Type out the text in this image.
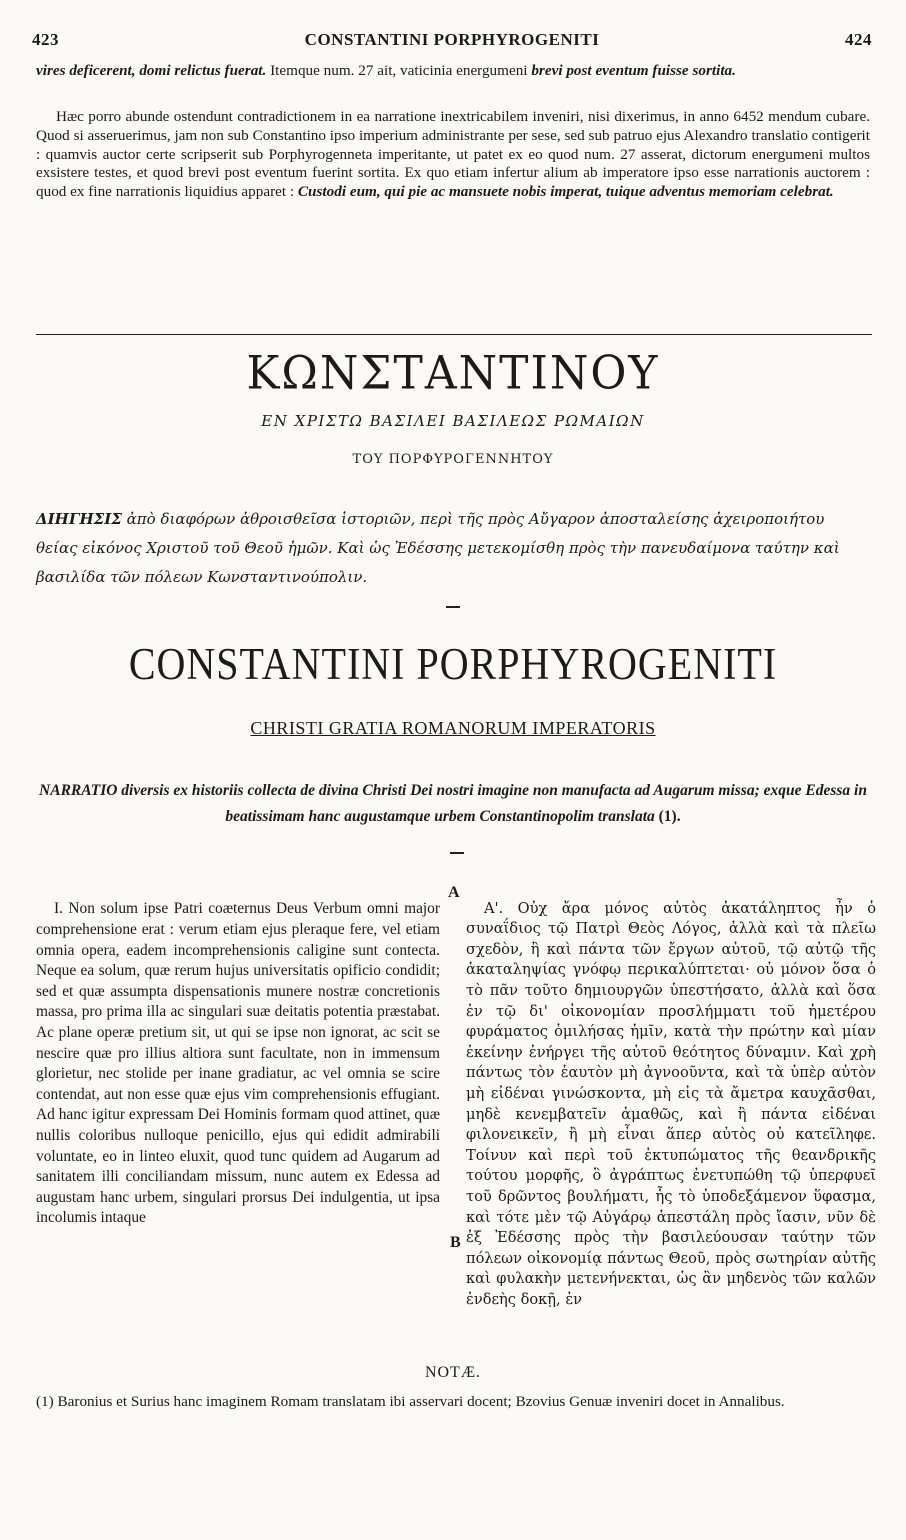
423	CONSTANTINI PORPHYROGENITI	424

vires deficerent, domi relictus fuerat. Itemque num. 27 ait, vaticinia energumeni brevi post eventum fuisse sortita.

Hæc porro abunde ostendunt contradictionem in ea narratione inextricabilem inveniri, nisi dixerimus, in anno 6452 mendum cubare. Quod si asseruerimus, jam non sub Constantino ipso imperium administrante per sese, sed sub patruo ejus Alexandro translatio contigerit : quamvis auctor certe scripserit sub Porphyrogenneta imperitante, ut patet ex eo quod num. 27 asserat, dictorum energumeni multos exsistere testes, et quod brevi post eventum fuerint sortita. Ex quo etiam infertur alium ab imperatore ipso esse narrationis auctorem : quod ex fine narrationis liquidius apparet : Custodi eum, qui pie ac mansuete nobis imperat, tuique adventus memoriam celebrat.

ΚΩΝΣΤΑΝΤΙΝΟΥ
ΕΝ ΧΡΙΣΤΩ ΒΑΣΙΛΕΙ ΒΑΣΙΛΕΩΣ ΡΩΜΑΙΩΝ
ΤΟΥ ΠΟΡΦΥΡΟΓΕΝΝΗΤΟΥ

ΔΙΗΓΗΣΙΣ ἀπὸ διαφόρων ἀθροισθεῖσα ἱστοριῶν, περὶ τῆς πρὸς Αὔγαρον ἀποσταλείσης ἀχειροποιήτου θείας εἰκόνος Χριστοῦ τοῦ Θεοῦ ἡμῶν. Καὶ ὡς Ἐδέσσης μετεκομίσθη πρὸς τὴν πανευδαίμονα ταύτην καὶ βασιλίδα τῶν πόλεων Κωνσταντινούπολιν.

CONSTANTINI PORPHYROGENITI
CHRISTI GRATIA ROMANORUM IMPERATORIS

NARRATIO diversis ex historiis collecta de divina Christi Dei nostri imagine non manufacta ad Augarum missa; exque Edessa in beatissimam hanc augustamque urbem Constantinopolim translata (1).

I. Non solum ipse Patri coæternus Deus Verbum omni major comprehensione erat : verum etiam ejus pleraque fere, vel etiam omnia opera, eadem incomprehensionis caligine sunt contecta. Neque ea solum, quæ rerum hujus universitatis opificio condidit; sed et quæ assumpta dispensationis munere nostræ concretionis massa, pro prima illa ac singulari suæ deitatis potentia præstabat. Ac plane operæ pretium sit, ut qui se ipse non ignorat, ac scit se nescire quæ pro illius altiora sunt facultate, non in immensum glorietur, nec stolide per inane gradiatur, ac vel omnia se scire contendat, aut non esse quæ ejus vim comprehensionis effugiant. Ad hanc igitur expressam Dei Hominis formam quod attinet, quæ nullis coloribus nulloque penicillo, ejus qui edidit admirabili voluntate, eo in linteo eluxit, quod tunc quidem ad Augarum ad sanitatem illi conciliandam missum, nunc autem ex Edessa ad augustam hanc urbem, singulari prorsus Dei indulgentia, ut ipsa incolumis intaque

A
B

Α'. Οὐχ ἄρα μόνος αὐτὸς ἀκατάληπτος ἦν ὁ συναΐδιος τῷ Πατρὶ Θεὸς Λόγος, ἀλλὰ καὶ τὰ πλεῖω σχεδὸν, ἢ καὶ πάντα τῶν ἔργων αὐτοῦ, τῷ αὐτῷ τῆς ἀκαταληψίας γνόφῳ περικαλύπτεται· οὐ μόνον ὅσα ὁ τὸ πᾶν τοῦτο δημιουργῶν ὑπεστήσατο, ἀλλὰ καὶ ὅσα ἐν τῷ δι' οἰκονομίαν προσλήμματι τοῦ ἡμετέρου φυράματος ὁμιλήσας ἡμῖν, κατὰ τὴν πρώτην καὶ μίαν ἐκείνην ἐνήργει τῆς αὐτοῦ θεότητος δύναμιν. Καὶ χρὴ πάντως τὸν ἑαυτὸν μὴ ἀγνοοῦντα, καὶ τὰ ὑπὲρ αὐτὸν μὴ εἰδέναι γινώσκοντα, μὴ εἰς τὰ ἄμετρα καυχᾶσθαι, μηδὲ κενεμβατεῖν ἀμαθῶς, καὶ ἢ πάντα εἰδέναι φιλονεικεῖν, ἢ μὴ εἶναι ἅπερ αὐτὸς οὐ κατεῖληφε. Τοίνυν καὶ περὶ τοῦ ἐκτυπώματος τῆς θεανδρικῆς τούτου μορφῆς, ὃ ἀγράπτως ἐνετυπώθη τῷ ὑπερφυεῖ τοῦ δρῶντος βουλήματι, ἧς τὸ ὑποδεξάμενον ὕφασμα, καὶ τότε μὲν τῷ Αὐγάρῳ ἀπεστάλη πρὸς ἴασιν, νῦν δὲ ἐξ Ἐδέσσης πρὸς τὴν βασιλεύουσαν ταύτην τῶν πόλεων οἰκονομίᾳ πάντως Θεοῦ, πρὸς σωτηρίαν αὐτῆς καὶ φυλακὴν μετενήνεκται, ὡς ἂν μηδενὸς τῶν καλῶν ἐνδεὴς δοκῇ, ἐν

NOTÆ.

(1) Baronius et Surius hanc imaginem Romam translatam ibi asservari docent; Bzovius Genuæ inveniri docet in Annalibus.
